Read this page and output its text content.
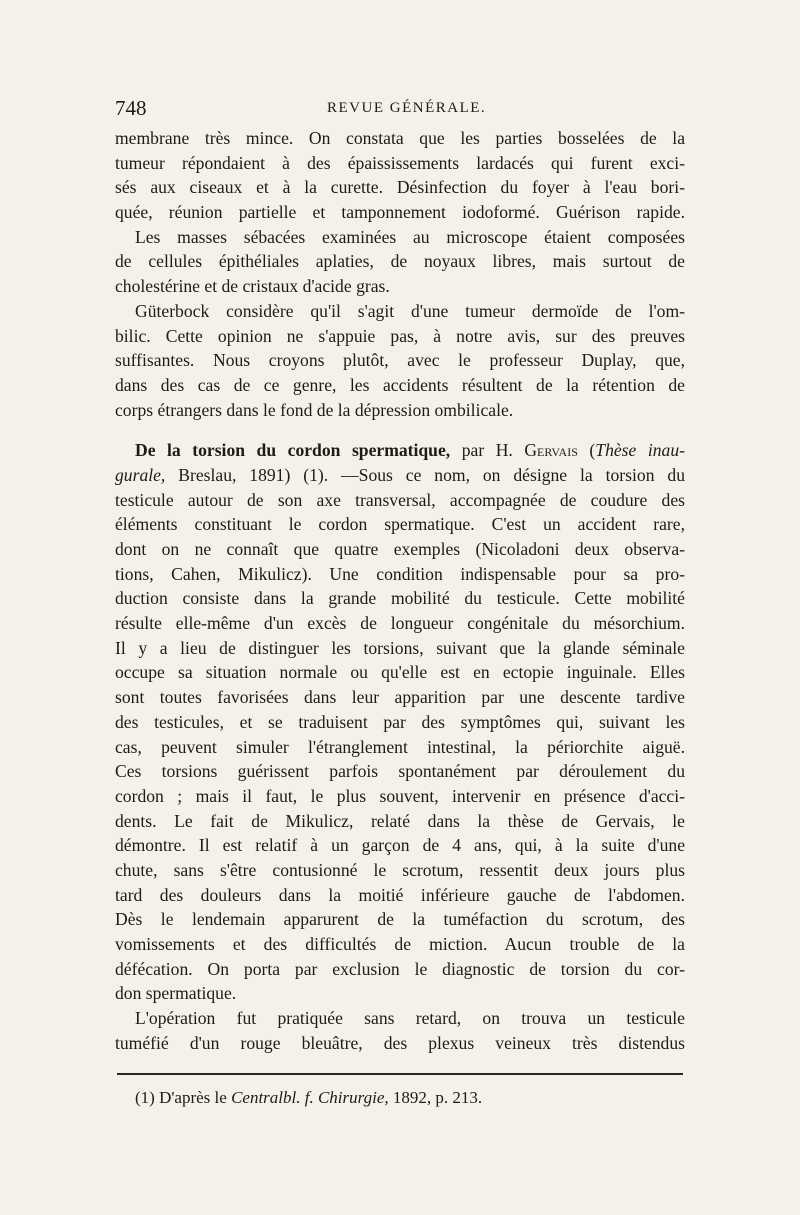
748	REVUE GÉNÉRALE.
membrane très mince. On constata que les parties bosselées de la
tumeur répondaient à des épaississements lardacés qui furent exci-
sés aux ciseaux et à la curette. Désinfection du foyer à l'eau bori-
quée, réunion partielle et tamponnement iodoformé. Guérison rapide.
Les masses sébacées examinées au microscope étaient composées
de cellules épithéliales aplaties, de noyaux libres, mais surtout de
cholestérine et de cristaux d'acide gras.
Güterbock considère qu'il s'agit d'une tumeur dermoïde de l'om-
bilic. Cette opinion ne s'appuie pas, à notre avis, sur des preuves
suffisantes. Nous croyons plutôt, avec le professeur Duplay, que,
dans des cas de ce genre, les accidents résultent de la rétention de
corps étrangers dans le fond de la dépression ombilicale.
De la torsion du cordon spermatique, par H. Gervais (Thèse inau-
gurale, Breslau, 1891) (1). —Sous ce nom, on désigne la torsion du
testicule autour de son axe transversal, accompagnée de coudure des
éléments constituant le cordon spermatique. C'est un accident rare,
dont on ne connaît que quatre exemples (Nicoladoni deux observa-
tions, Cahen, Mikulicz). Une condition indispensable pour sa pro-
duction consiste dans la grande mobilité du testicule. Cette mobilité
résulte elle-même d'un excès de longueur congénitale du mésorchium.
Il y a lieu de distinguer les torsions, suivant que la glande séminale
occupe sa situation normale ou qu'elle est en ectopie inguinale. Elles
sont toutes favorisées dans leur apparition par une descente tardive
des testicules, et se traduisent par des symptômes qui, suivant les
cas, peuvent simuler l'étranglement intestinal, la périorchite aiguë.
Ces torsions guérissent parfois spontanément par déroulement du
cordon ; mais il faut, le plus souvent, intervenir en présence d'acci-
dents. Le fait de Mikulicz, relaté dans la thèse de Gervais, le
démontre. Il est relatif à un garçon de 4 ans, qui, à la suite d'une
chute, sans s'être contusionné le scrotum, ressentit deux jours plus
tard des douleurs dans la moitié inférieure gauche de l'abdomen.
Dès le lendemain apparurent de la tuméfaction du scrotum, des
vomissements et des difficultés de miction. Aucun trouble de la
défécation. On porta par exclusion le diagnostic de torsion du cor-
don spermatique.
L'opération fut pratiquée sans retard, on trouva un testicule
tuméfié d'un rouge bleuâtre, des plexus veineux très distendus
(1) D'après le Centralbl. f. Chirurgie, 1892, p. 213.
